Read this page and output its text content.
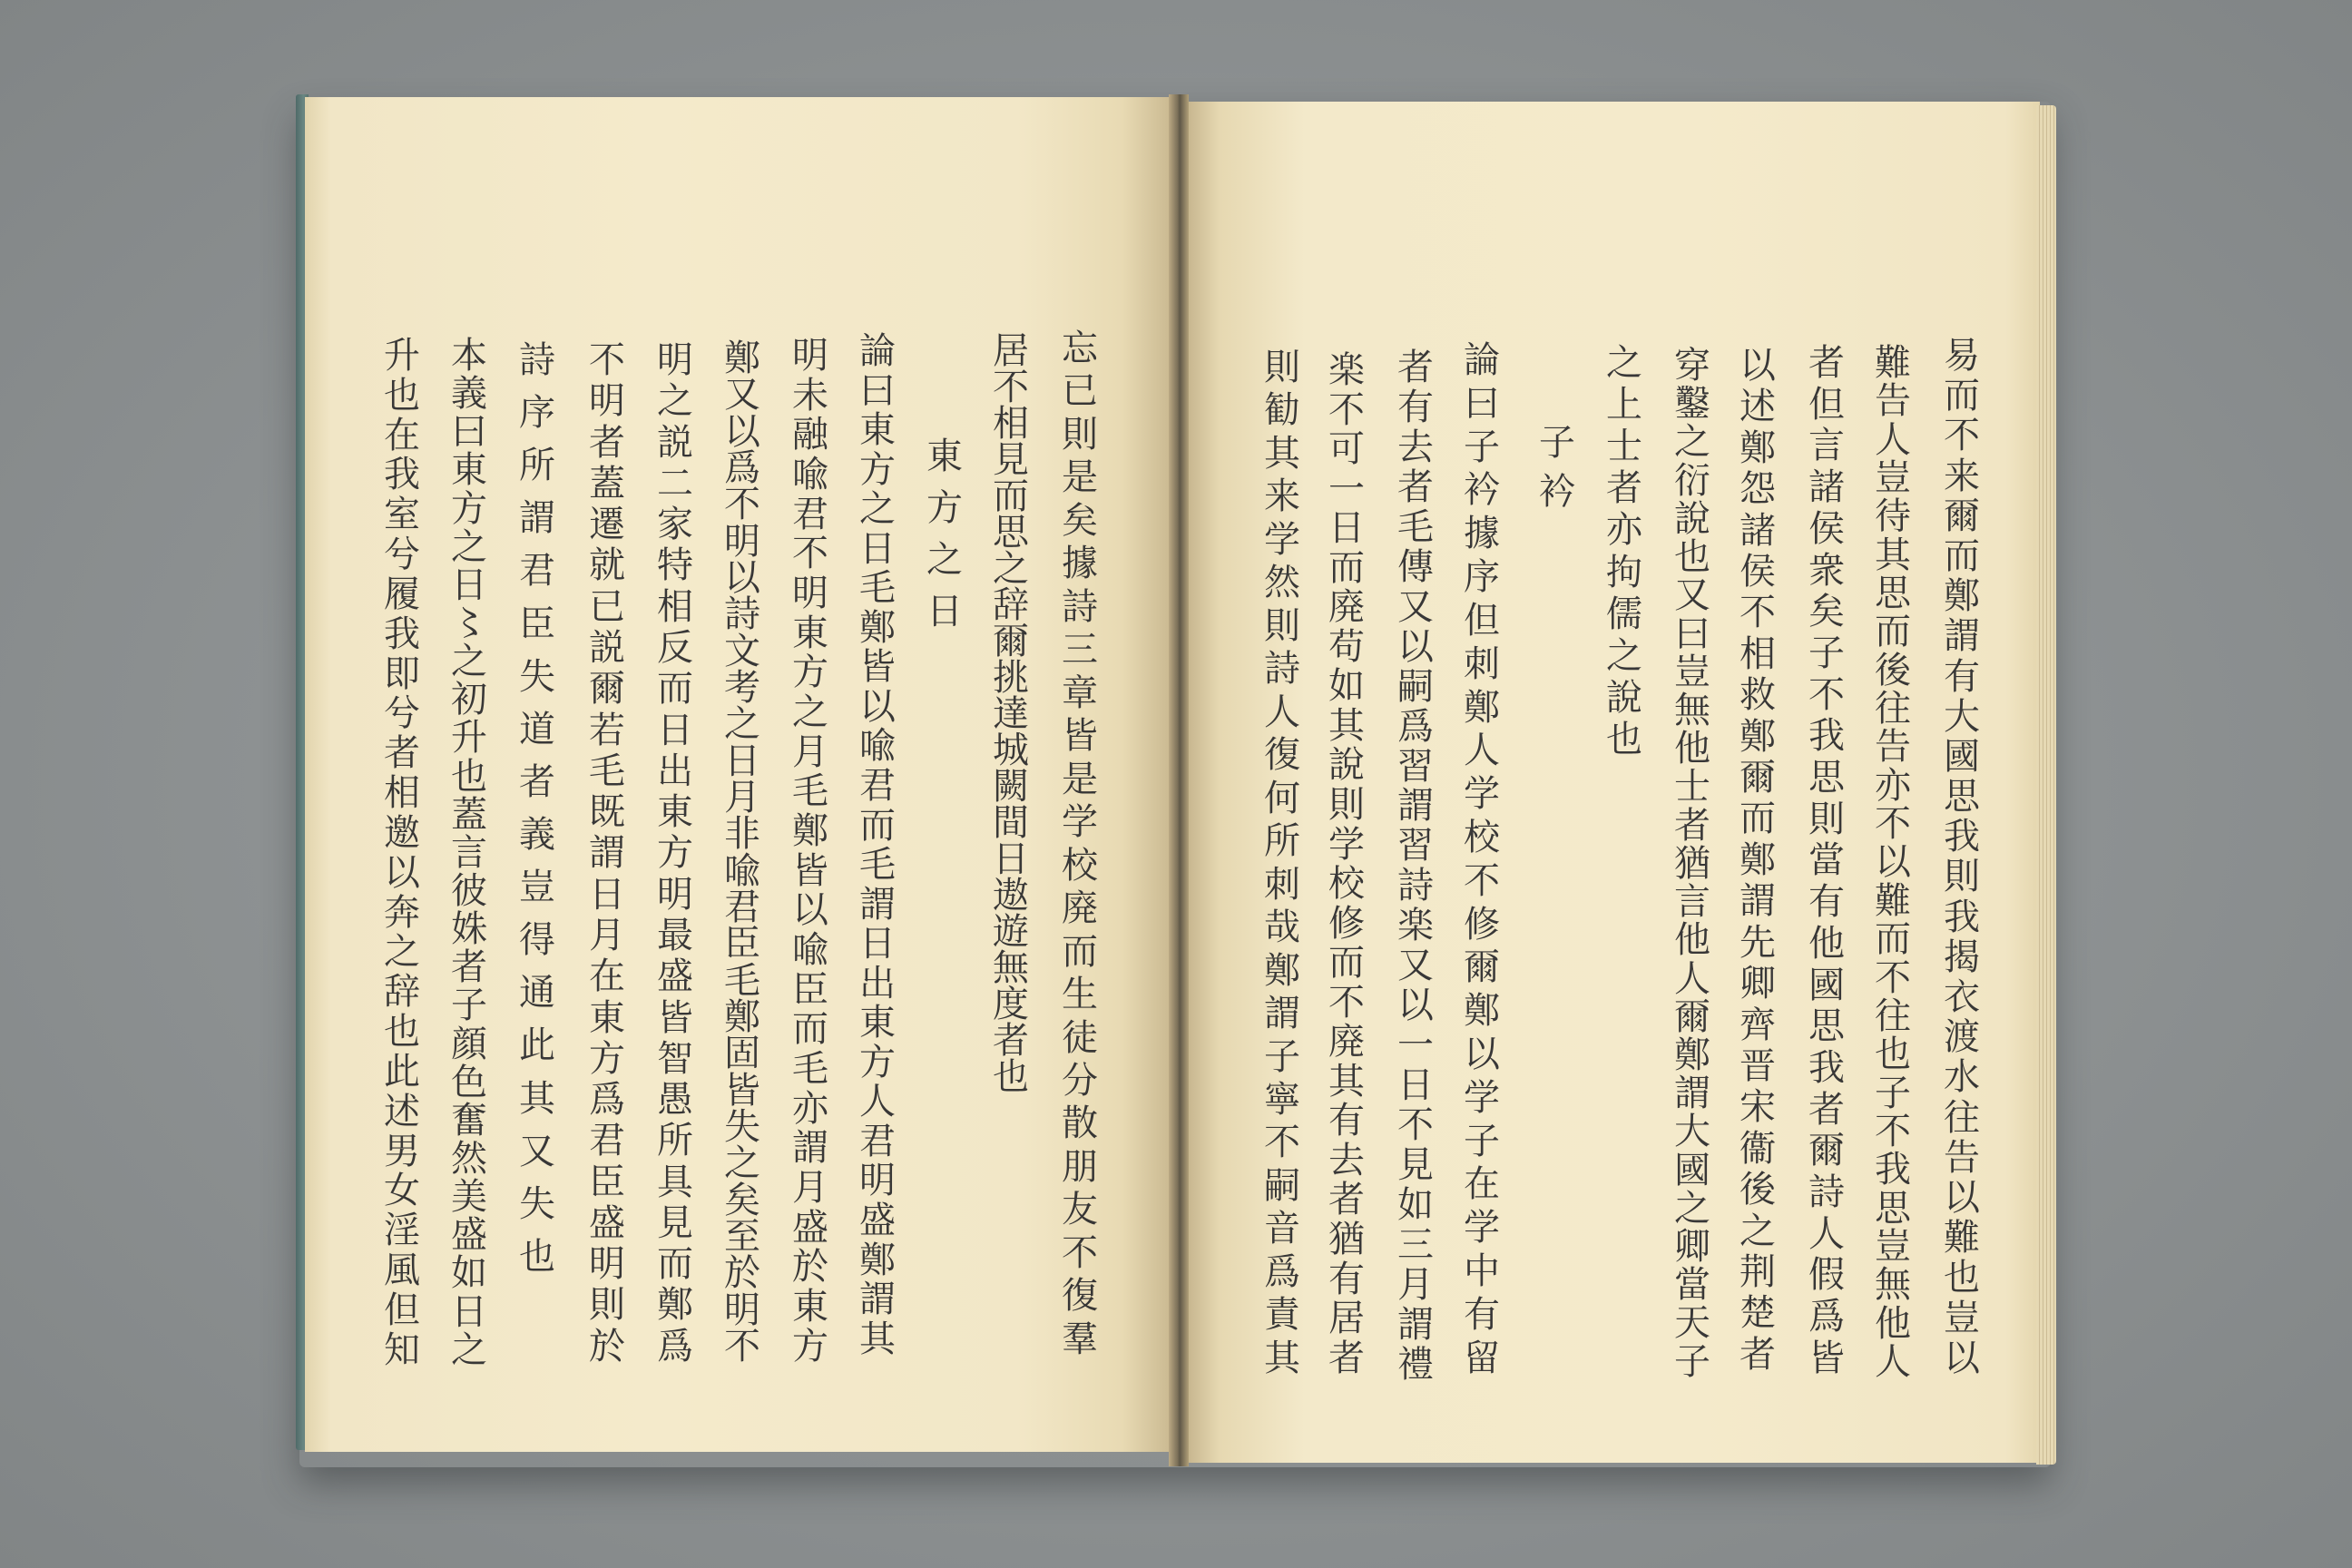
易
而
不
来
爾
而
鄭
謂
有
大
國
思
我
則
我
揭
衣
渡
水
往
告
以
難
也
豈
以
難
告
人
豈
待
其
思
而
後
往
告
亦
不
以
難
而
不
往
也
子
不
我
思
豈
無
他
人
者
但
言
諸
侯
衆
矣
子
不
我
思
則
當
有
他
國
思
我
者
爾
詩
人
假
爲
皆
以
述
鄭
怨
諸
侯
不
相
救
鄭
爾
而
鄭
謂
先
卿
齊
晋
宋
衞
後
之
荆
楚
者
穿
鑿
之
衍
說
也
又
曰
豈
無
他
士
者
猶
言
他
人
爾
鄭
謂
大
國
之
卿
當
天
子
之
上
士
者
亦
拘
儒
之
說
也
子
衿
論
曰
子
衿
據
序
但
刺
鄭
人
学
校
不
修
爾
鄭
以
学
子
在
学
中
有
留
者
有
去
者
毛
傳
又
以
嗣
爲
習
謂
習
詩
楽
又
以
一
日
不
見
如
三
月
謂
禮
楽
不
可
一
日
而
廃
苟
如
其
說
則
学
校
修
而
不
廃
其
有
去
者
猶
有
居
者
則
勧
其
来
学
然
則
詩
人
復
何
所
刺
哉
鄭
謂
子
寧
不
嗣
音
爲
責
其
忘
已
則
是
矣
據
詩
三
章
皆
是
学
校
廃
而
生
徒
分
散
朋
友
不
復
羣
居
不
相
見
而
思
之
辞
爾
挑
達
城
闕
間
日
遨
遊
無
度
者
也
東
方
之
日
論
曰
東
方
之
日
毛
鄭
皆
以
喩
君
而
毛
謂
日
出
東
方
人
君
明
盛
鄭
謂
其
明
未
融
喩
君
不
明
東
方
之
月
毛
鄭
皆
以
喩
臣
而
毛
亦
謂
月
盛
於
東
方
鄭
又
以
爲
不
明
以
詩
文
考
之
日
月
非
喩
君
臣
毛
鄭
固
皆
失
之
矣
至
於
明
不
明
之
説
二
家
特
相
反
而
日
出
東
方
明
最
盛
皆
智
愚
所
具
見
而
鄭
爲
不
明
者
蓋
遷
就
已
説
爾
若
毛
既
謂
日
月
在
東
方
爲
君
臣
盛
明
則
於
詩
序
所
謂
君
臣
失
道
者
義
豈
得
通
此
其
又
失
也
本
義
曰
東
方
之
日
〻
之
初
升
也
蓋
言
彼
姝
者
子
顔
色
奮
然
美
盛
如
日
之
升
也
在
我
室
兮
履
我
即
兮
者
相
邀
以
奔
之
辞
也
此
述
男
女
淫
風
但
知
